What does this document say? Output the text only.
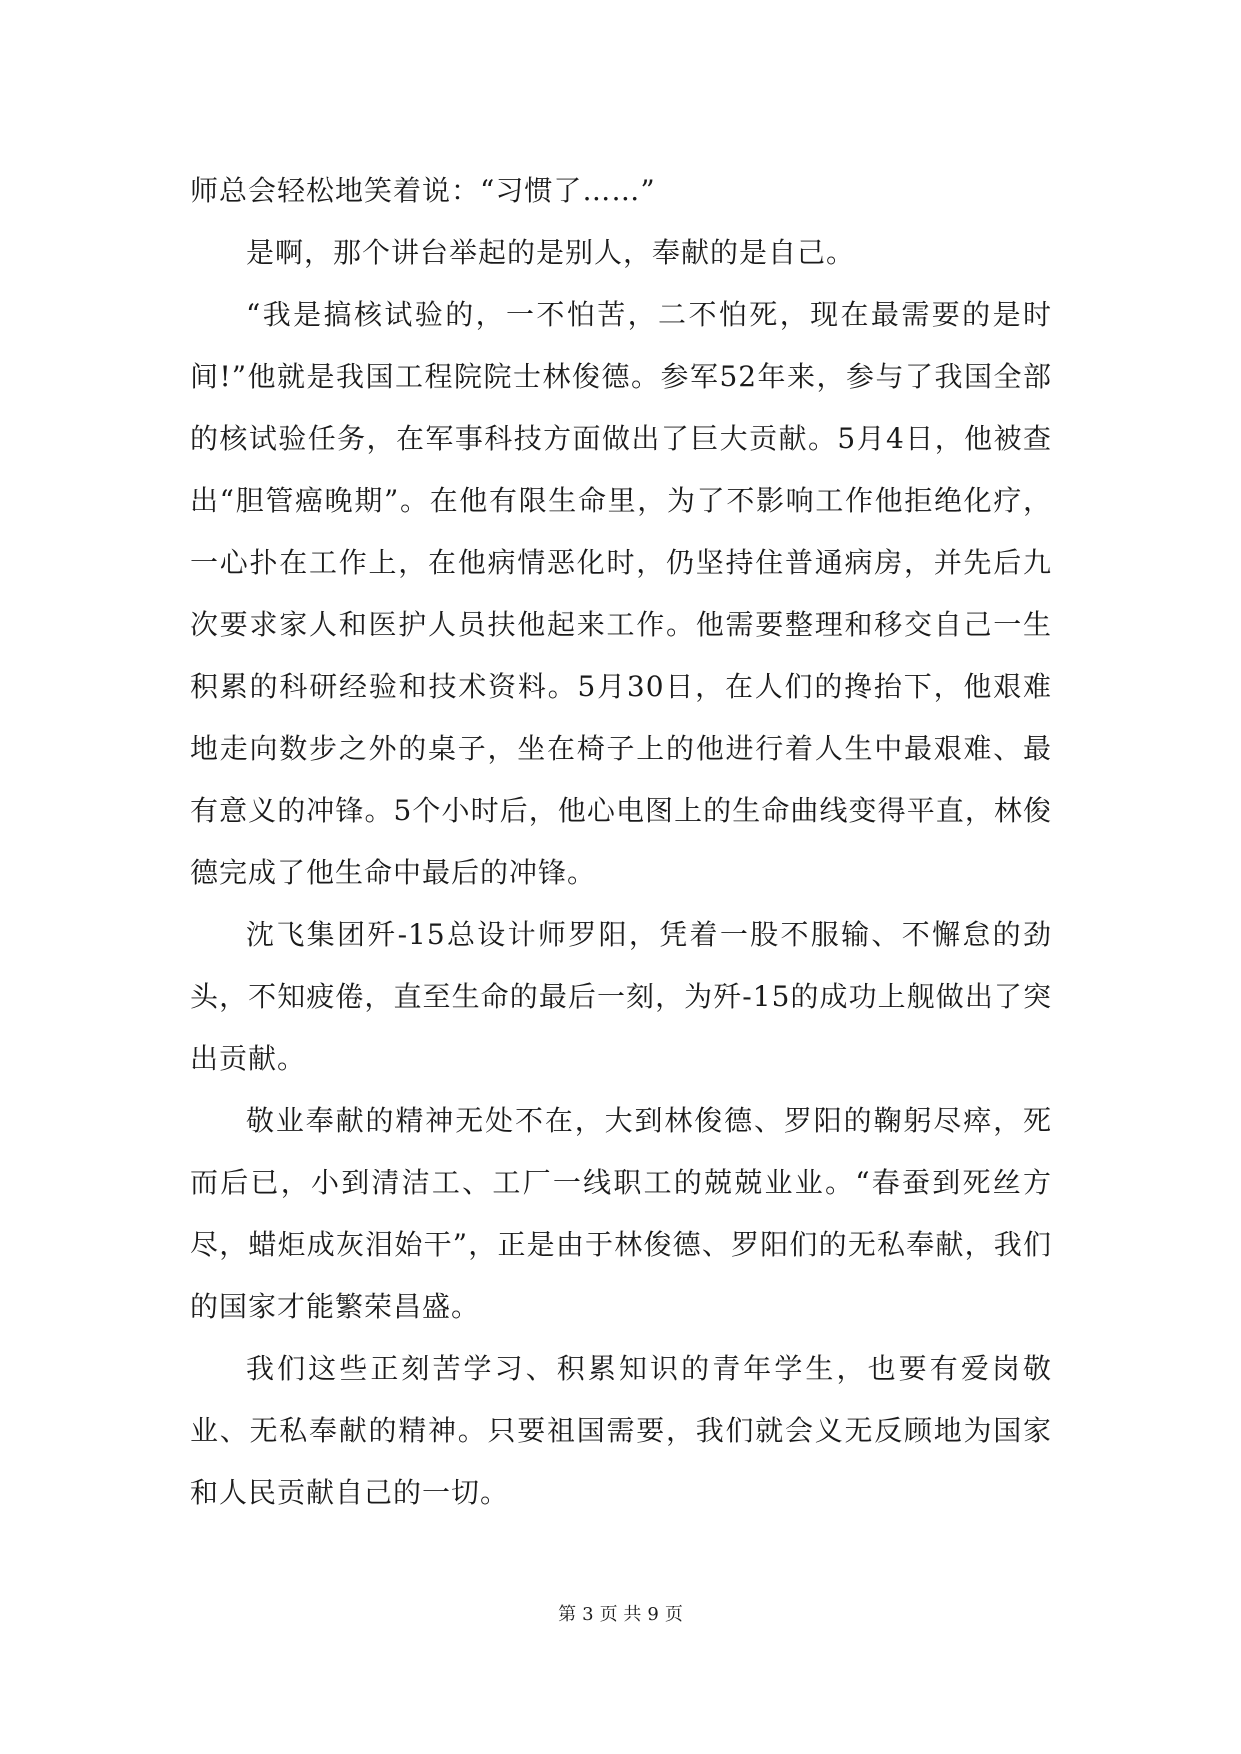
师总会轻松地笑着说：“习惯了……”

是啊，那个讲台举起的是别人，奉献的是自己。

“我是搞核试验的，一不怕苦，二不怕死，现在最需要的是时间!”他就是我国工程院院士林俊德。参军52年来，参与了我国全部的核试验任务，在军事科技方面做出了巨大贡献。5月4日，他被查出“胆管癌晚期”。在他有限生命里，为了不影响工作他拒绝化疗，一心扑在工作上，在他病情恶化时，仍坚持住普通病房，并先后九次要求家人和医护人员扶他起来工作。他需要整理和移交自己一生积累的科研经验和技术资料。5月30日，在人们的搀抬下，他艰难地走向数步之外的桌子，坐在椅子上的他进行着人生中最艰难、最有意义的冲锋。5个小时后，他心电图上的生命曲线变得平直，林俊德完成了他生命中最后的冲锋。

沈飞集团歼-15总设计师罗阳，凭着一股不服输、不懈怠的劲头，不知疲倦，直至生命的最后一刻，为歼-15的成功上舰做出了突出贡献。

敬业奉献的精神无处不在，大到林俊德、罗阳的鞠躬尽瘁，死而后已，小到清洁工、工厂一线职工的兢兢业业。“春蚕到死丝方尽，蜡炬成灰泪始干”，正是由于林俊德、罗阳们的无私奉献，我们的国家才能繁荣昌盛。

我们这些正刻苦学习、积累知识的青年学生，也要有爱岗敬业、无私奉献的精神。只要祖国需要，我们就会义无反顾地为国家和人民贡献自己的一切。

第 3 页 共 9 页
